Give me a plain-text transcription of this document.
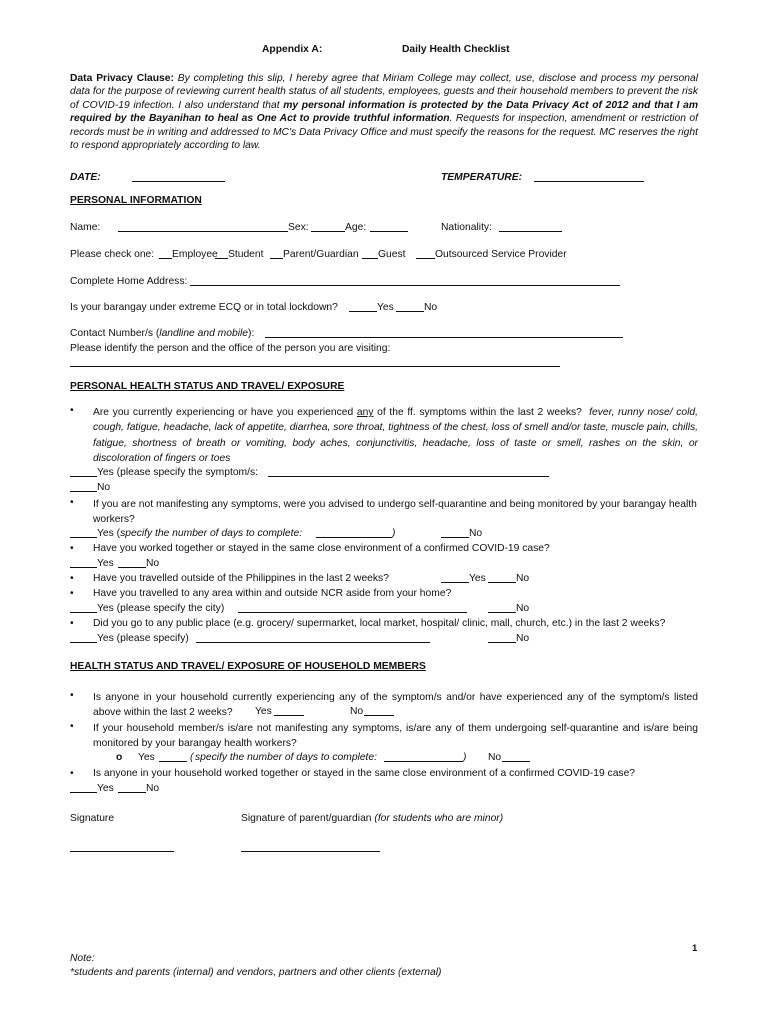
Appendix A:	Daily Health Checklist
Data Privacy Clause: By completing this slip, I hereby agree that Miriam College may collect, use, disclose and process my personal data for the purpose of reviewing current health status of all students, employees, guests and their household members to prevent the risk of COVID-19 infection. I also understand that my personal information is protected by the Data Privacy Act of 2012 and that I am required by the Bayanihan to heal as One Act to provide truthful information. Requests for inspection, amendment or restriction of records must be in writing and addressed to MC's Data Privacy Office and must specify the reasons for the request. MC reserves the right to respond appropriately according to law.
DATE:	TEMPERATURE:
PERSONAL INFORMATION
Name:	Sex:	Age:	Nationality:
Please check one: Employee Student Parent/Guardian Guest	Outsourced Service Provider
Complete Home Address:
Is your barangay under extreme ECQ or in total lockdown?	Yes	No
Contact Number/s (landline and mobile):
Please identify the person and the office of the person you are visiting:
PERSONAL HEALTH STATUS AND TRAVEL/ EXPOSURE
• Are you currently experiencing or have you experienced any of the ff. symptoms within the last 2 weeks? fever, runny nose/ cold, cough, fatigue, headache, lack of appetite, diarrhea, sore throat, tightness of the chest, loss of smell and/or taste, muscle pain, chills, fatigue, shortness of breath or vomiting, body aches, conjunctivitis, headache, loss of taste or smell, rashes on the skin, or discoloration of fingers or toes
Yes (please specify the symptom/s:
No
• If you are not manifesting any symptoms, were you advised to undergo self-quarantine and being monitored by your barangay health workers?
Yes (specify the number of days to complete:	)	No
• Have you worked together or stayed in the same close environment of a confirmed COVID-19 case?
Yes	No
• Have you travelled outside of the Philippines in the last 2 weeks?	Yes	No
• Have you travelled to any area within and outside NCR aside from your home?
Yes (please specify the city)	No
• Did you go to any public place (e.g. grocery/ supermarket, local market, hospital/ clinic, mall, church, etc.) in the last 2 weeks?
Yes (please specify)	No
HEALTH STATUS AND TRAVEL/ EXPOSURE OF HOUSEHOLD MEMBERS
• Is anyone in your household currently experiencing any of the symptom/s and/or have experienced any of the symptom/s listed above within the last 2 weeks?	Yes	No
• If your household member/s is/are not manifesting any symptoms, is/are any of them undergoing self-quarantine and is/are being monitored by your barangay health workers?
o Yes	( specify the number of days to complete:	) No
• Is anyone in your household worked together or stayed in the same close environment of a confirmed COVID-19 case?
Yes	No
Signature	Signature of parent/guardian (for students who are minor)
1
Note:
*students and parents (internal) and vendors, partners and other clients (external)
